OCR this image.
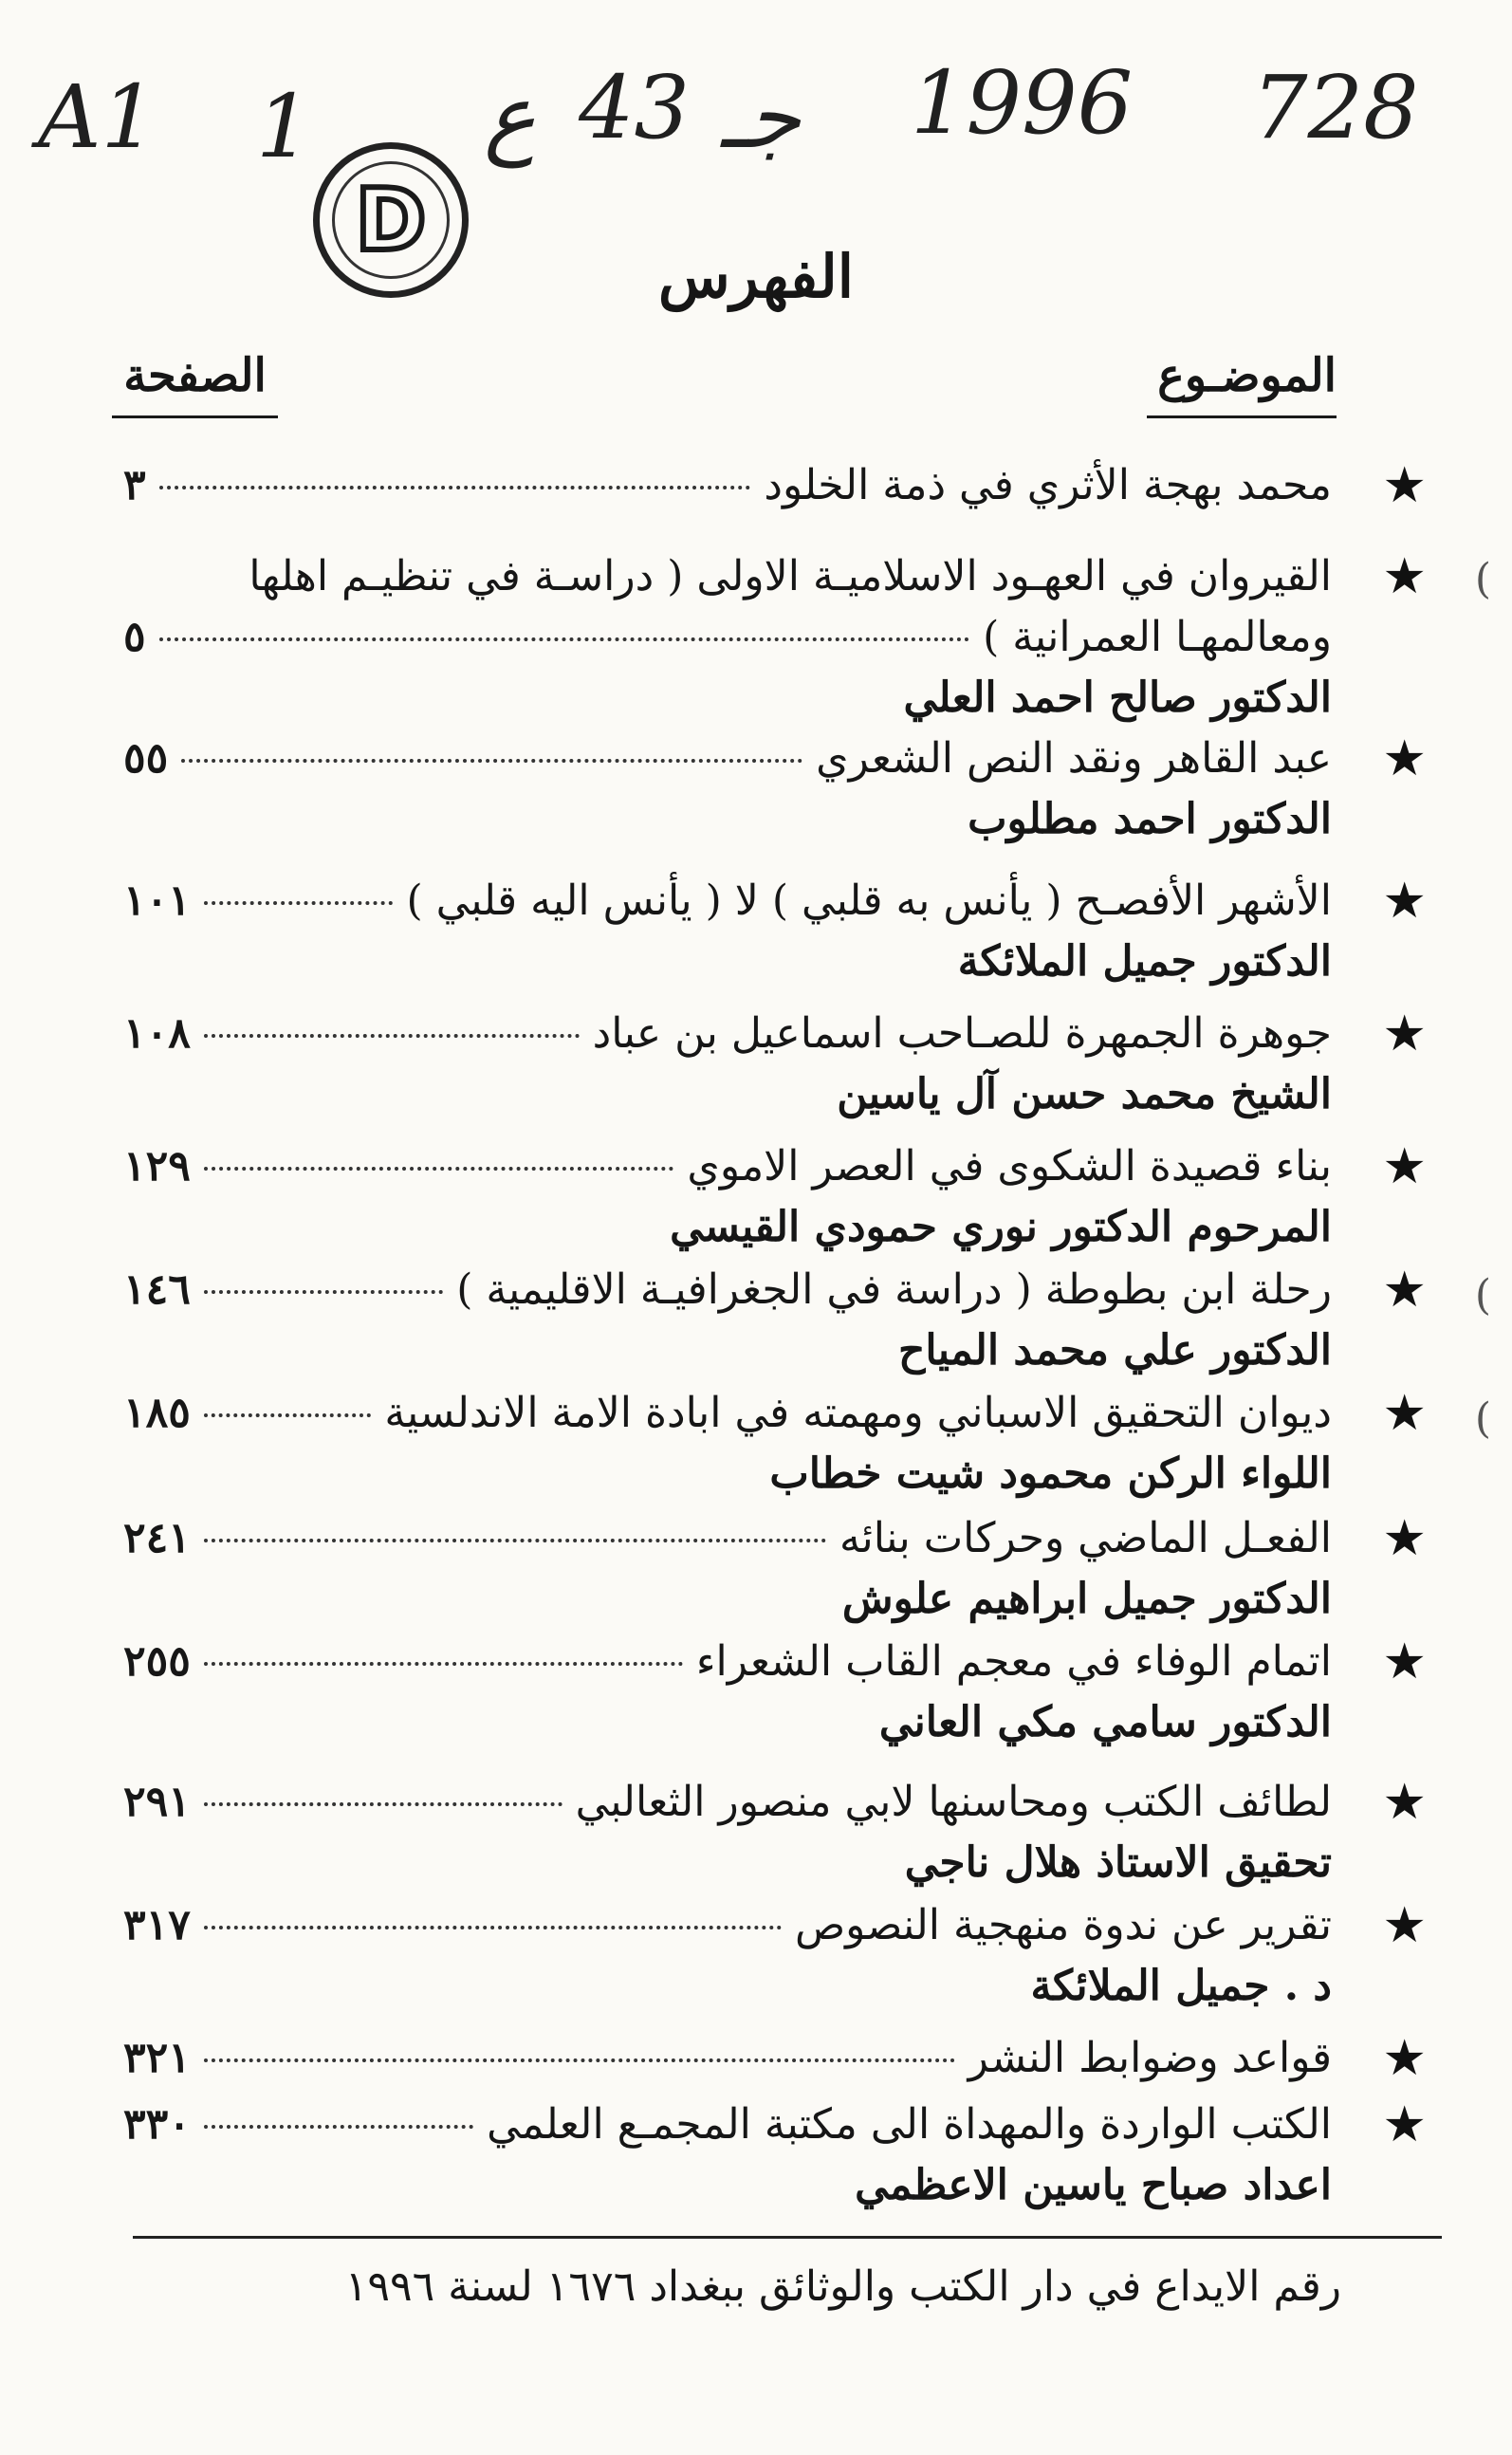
A1 1 ع 43 جـ 1996 728
D
الفهرس
الموضـوع
الصفحة
★
محمد بهجة الأثري في ذمة الخلود
٣
★
القيروان في العهـود الاسلاميـة الاولى ( دراسـة في تنظيـم اهلها
ومعالمهـا العمرانية )
٥
الدكتور صالح احمد العلي
★
عبد القاهر ونقد النص الشعري
٥٥
الدكتور احمد مطلوب
★
الأشهر الأفصـح ( يأنس به قلبي ) لا ( يأنس اليه قلبي )
١٠١
الدكتور جميل الملائكة
★
جوهرة الجمهرة للصـاحب اسماعيل بن عباد
١٠٨
الشيخ محمد حسن آل ياسين
★
بناء قصيدة الشكوى في العصر الاموي
١٢٩
المرحوم الدكتور نوري حمودي القيسي
★
رحلة ابن بطوطة ( دراسة في الجغرافيـة الاقليمية )
١٤٦
الدكتور علي محمد المياح
★
ديوان التحقيق الاسباني ومهمته في ابادة الامة الاندلسية
١٨٥
اللواء الركن محمود شيت خطاب
★
الفعـل الماضي وحركات بنائه
٢٤١
الدكتور جميل ابراهيم علوش
★
اتمام الوفاء في معجم القاب الشعراء
٢٥٥
الدكتور سامي مكي العاني
★
لطائف الكتب ومحاسنها لابي منصور الثعالبي
٢٩١
تحقيق الاستاذ هلال ناجي
★
تقرير عن ندوة منهجية النصوص
٣١٧
د . جميل الملائكة
★
قواعد وضوابط النشر
٣٢١
★
الكتب الواردة والمهداة الى مكتبة المجمـع العلمي
٣٣٠
اعداد صباح ياسين الاعظمي
(
(
(
رقم الايداع في دار الكتب والوثائق ببغداد ١٦٧٦ لسنة ١٩٩٦
